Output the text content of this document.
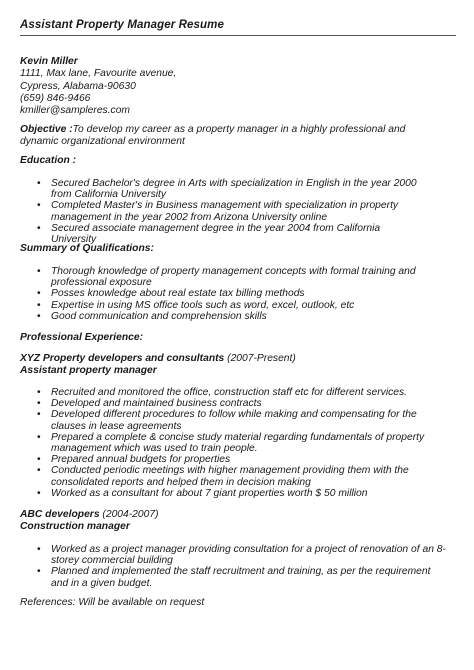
Assistant Property Manager Resume
Kevin Miller
1111, Max lane, Favourite avenue,
Cypress, Alabama-90630
(659) 846-9466
kmiller@sampleres.com
Objective :To develop my career as a property manager in a highly professional and dynamic organizational environment
Education :
• Secured Bachelor's degree in Arts with specialization in English in the year 2000 from California University
• Completed Master's in Business management with specialization in property management in the year 2002 from Arizona University online
• Secured associate management degree in the year 2004 from California University
Summary of Qualifications:
• Thorough knowledge of property management concepts with formal training and professional exposure
• Posses knowledge about real estate tax billing methods
• Expertise in using MS office tools such as word, excel, outlook, etc
• Good communication and comprehension skills
Professional Experience:
XYZ Property developers and consultants (2007-Present)
Assistant property manager
• Recruited and monitored the office, construction staff etc for different services.
• Developed and maintained business contracts
• Developed different procedures to follow while making and compensating for the clauses in lease agreements
• Prepared a complete & concise study material regarding fundamentals of property management which was used to train people.
• Prepared annual budgets for properties
• Conducted periodic meetings with higher management providing them with the consolidated reports and helped them in decision making
• Worked as a consultant for about 7 giant properties worth $ 50 million
ABC developers (2004-2007)
Construction manager
• Worked as a project manager providing consultation for a project of renovation of an 8-storey commercial building
• Planned and implemented the staff recruitment and training, as per the requirement and in a given budget.
References: Will be available on request
